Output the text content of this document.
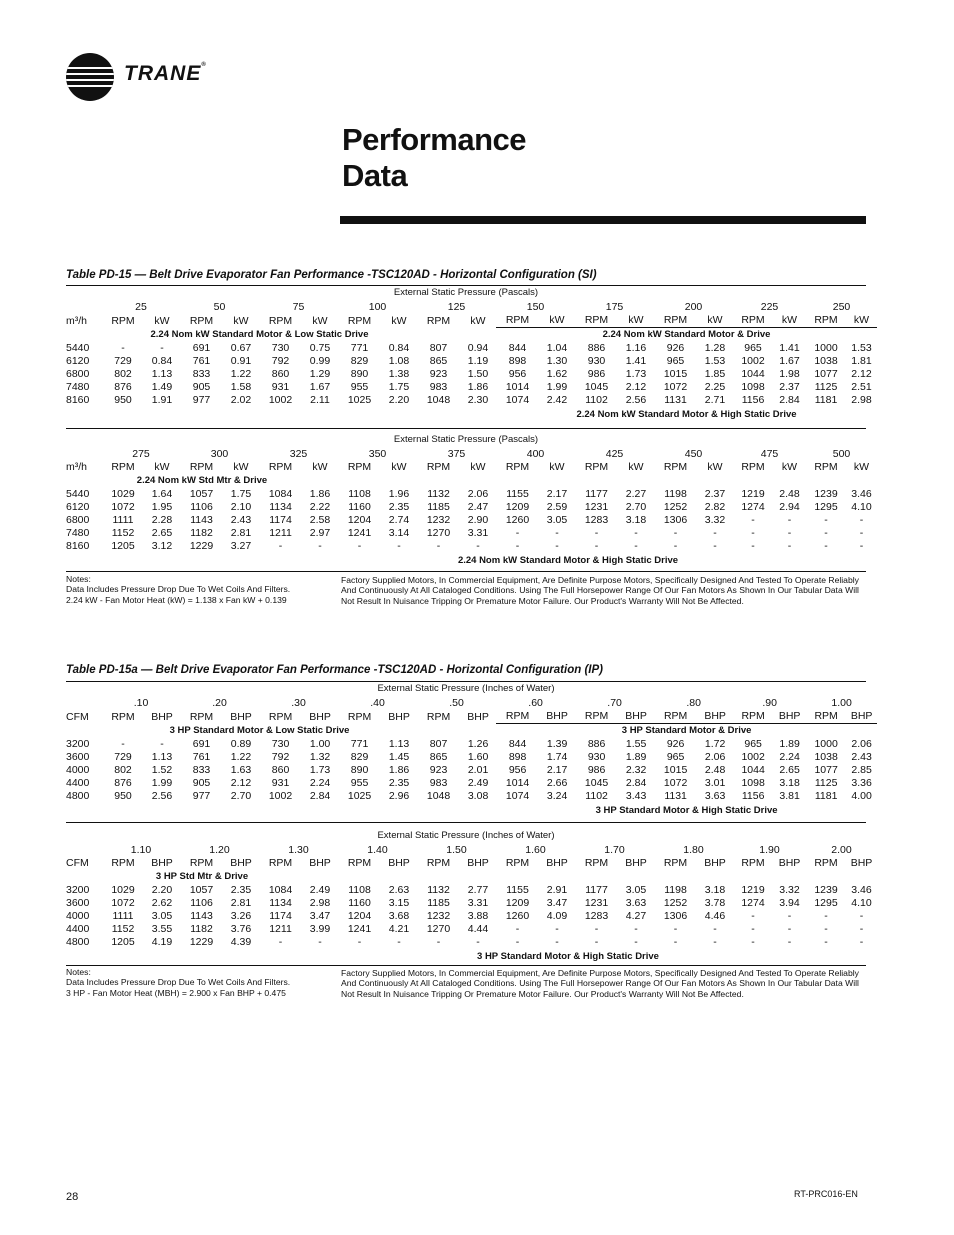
TRANE®
Performance
Data
Table PD-15 — Belt Drive Evaporator Fan Performance -TSC120AD - Horizontal Configuration (SI)
External Static Pressure (Pascals)
	25		50		75		100		125		150		175		200		225		250	
m³/h	RPM	kW	RPM	kW	RPM	kW	RPM	kW	RPM	kW	RPM	kW	RPM	kW	RPM	kW	RPM	kW	RPM	kW
	2.24 Nom kW Standard Motor & Low Static Drive										2.24 Nom kW Standard Motor & Drive									
5440	-	-	691	0.67	730	0.75	771	0.84	807	0.94	844	1.04	886	1.16	926	1.28	965	1.41	1000	1.53
6120	729	0.84	761	0.91	792	0.99	829	1.08	865	1.19	898	1.30	930	1.41	965	1.53	1002	1.67	1038	1.81
6800	802	1.13	833	1.22	860	1.29	890	1.38	923	1.50	956	1.62	986	1.73	1015	1.85	1044	1.98	1077	2.12
7480	876	1.49	905	1.58	931	1.67	955	1.75	983	1.86	1014	1.99	1045	2.12	1072	2.25	1098	2.37	1125	2.51
8160	950	1.91	977	2.02	1002	2.11	1025	2.20	1048	2.30	1074	2.42	1102	2.56	1131	2.71	1156	2.84	1181	2.98
											2.24 Nom kW Standard Motor & High Static Drive									
External Static Pressure (Pascals)
	275		300		325		350		375		400		425		450		475		500	
m³/h	RPM	kW	RPM	kW	RPM	kW	RPM	kW	RPM	kW	RPM	kW	RPM	kW	RPM	kW	RPM	kW	RPM	kW
	2.24 Nom kW Std Mtr & Drive																			
5440	1029	1.64	1057	1.75	1084	1.86	1108	1.96	1132	2.06	1155	2.17	1177	2.27	1198	2.37	1219	2.48	1239	3.46
6120	1072	1.95	1106	2.10	1134	2.22	1160	2.35	1185	2.47	1209	2.59	1231	2.70	1252	2.82	1274	2.94	1295	4.10
6800	1111	2.28	1143	2.43	1174	2.58	1204	2.74	1232	2.90	1260	3.05	1283	3.18	1306	3.32	-	-	-	-
7480	1152	2.65	1182	2.81	1211	2.97	1241	3.14	1270	3.31	-	-	-	-	-	-	-	-	-	-
8160	1205	3.12	1229	3.27	-	-	-	-	-	-	-	-	-	-	-	-	-	-	-	-
					2.24 Nom kW Standard Motor & High Static Drive															
Notes:
Data Includes Pressure Drop Due To Wet Coils And Filters.
2.24 kW - Fan Motor Heat (kW) = 1.138 x Fan kW + 0.139
Factory Supplied Motors, In Commercial Equipment, Are Definite Purpose Motors, Specifically Designed And Tested To Operate Reliably And Continuously At All Cataloged Conditions. Using The Full Horsepower Range Of Our Fan Motors As Shown In Our Tabular Data Will Not Result In Nuisance Tripping Or Premature Motor Failure. Our Product's Warranty Will Not Be Affected.
Table PD-15a — Belt Drive Evaporator Fan Performance -TSC120AD - Horizontal Configuration (IP)
External Static Pressure (Inches of Water)
	.10		.20		.30		.40		.50		.60		.70		.80		.90		1.00	
CFM	RPM	BHP	RPM	BHP	RPM	BHP	RPM	BHP	RPM	BHP	RPM	BHP	RPM	BHP	RPM	BHP	RPM	BHP	RPM	BHP
	3 HP Standard Motor & Low Static Drive										3 HP Standard Motor & Drive									
3200	-	-	691	0.89	730	1.00	771	1.13	807	1.26	844	1.39	886	1.55	926	1.72	965	1.89	1000	2.06
3600	729	1.13	761	1.22	792	1.32	829	1.45	865	1.60	898	1.74	930	1.89	965	2.06	1002	2.24	1038	2.43
4000	802	1.52	833	1.63	860	1.73	890	1.86	923	2.01	956	2.17	986	2.32	1015	2.48	1044	2.65	1077	2.85
4400	876	1.99	905	2.12	931	2.24	955	2.35	983	2.49	1014	2.66	1045	2.84	1072	3.01	1098	3.18	1125	3.36
4800	950	2.56	977	2.70	1002	2.84	1025	2.96	1048	3.08	1074	3.24	1102	3.43	1131	3.63	1156	3.81	1181	4.00
											3 HP Standard Motor & High Static Drive									
External Static Pressure (Inches of Water)
	1.10		1.20		1.30		1.40		1.50		1.60		1.70		1.80		1.90		2.00	
CFM	RPM	BHP	RPM	BHP	RPM	BHP	RPM	BHP	RPM	BHP	RPM	BHP	RPM	BHP	RPM	BHP	RPM	BHP	RPM	BHP
	3 HP Std Mtr & Drive																			
3200	1029	2.20	1057	2.35	1084	2.49	1108	2.63	1132	2.77	1155	2.91	1177	3.05	1198	3.18	1219	3.32	1239	3.46
3600	1072	2.62	1106	2.81	1134	2.98	1160	3.15	1185	3.31	1209	3.47	1231	3.63	1252	3.78	1274	3.94	1295	4.10
4000	1111	3.05	1143	3.26	1174	3.47	1204	3.68	1232	3.88	1260	4.09	1283	4.27	1306	4.46	-	-	-	-
4400	1152	3.55	1182	3.76	1211	3.99	1241	4.21	1270	4.44	-	-	-	-	-	-	-	-	-	-
4800	1205	4.19	1229	4.39	-	-	-	-	-	-	-	-	-	-	-	-	-	-	-	-
					3 HP Standard Motor & High Static Drive															
Notes:
Data Includes Pressure Drop Due To Wet Coils And Filters.
3 HP - Fan Motor Heat (MBH) = 2.900 x Fan BHP + 0.475
Factory Supplied Motors, In Commercial Equipment, Are Definite Purpose Motors, Specifically Designed And Tested To Operate Reliably And Continuously At All Cataloged Conditions. Using The Full Horsepower Range Of Our Fan Motors As Shown In Our Tabular Data Will Not Result In Nuisance Tripping Or Premature Motor Failure. Our Product's Warranty Will Not Be Affected.
28	RT-PRC016-EN
